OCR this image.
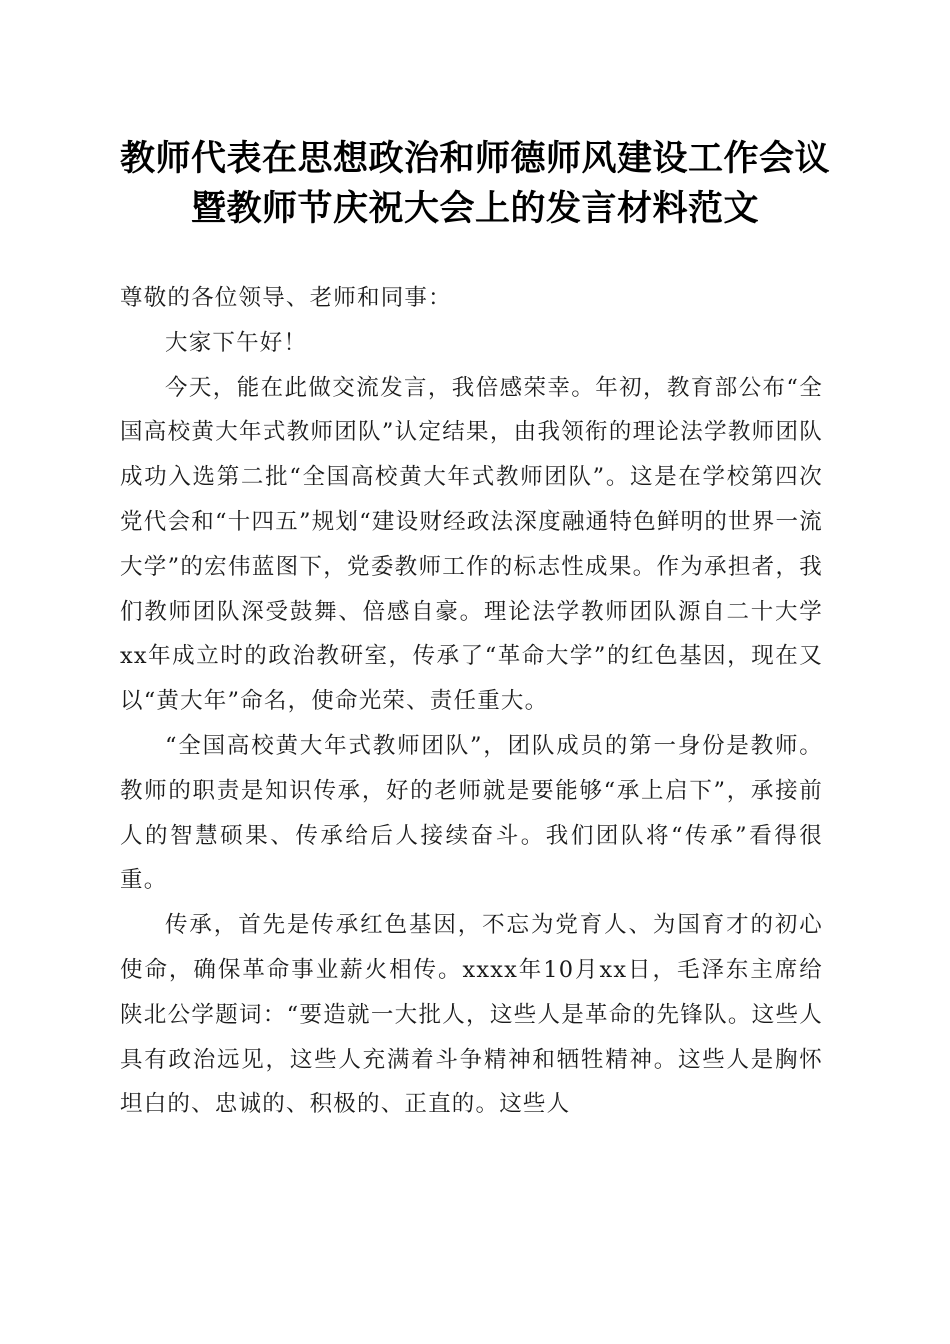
教师代表在思想政治和师德师风建设工作会议
暨教师节庆祝大会上的发言材料范文

尊敬的各位领导、老师和同事：

大家下午好！

今天，能在此做交流发言，我倍感荣幸。年初，教育部公布“全国高校黄大年式教师团队”认定结果，由我领衔的理论法学教师团队成功入选第二批“全国高校黄大年式教师团队”。这是在学校第四次党代会和“十四五”规划“建设财经政法深度融通特色鲜明的世界一流大学”的宏伟蓝图下，党委教师工作的标志性成果。作为承担者，我们教师团队深受鼓舞、倍感自豪。理论法学教师团队源自二十大学xx年成立时的政治教研室，传承了“革命大学”的红色基因，现在又以“黄大年”命名，使命光荣、责任重大。

“全国高校黄大年式教师团队”，团队成员的第一身份是教师。教师的职责是知识传承，好的老师就是要能够“承上启下”，承接前人的智慧硕果、传承给后人接续奋斗。我们团队将“传承”看得很重。

传承，首先是传承红色基因，不忘为党育人、为国育才的初心使命，确保革命事业薪火相传。xxxx年10月xx日，毛泽东主席给陕北公学题词：“要造就一大批人，这些人是革命的先锋队。这些人具有政治远见，这些人充满着斗争精神和牺牲精神。这些人是胸怀坦白的、忠诚的、积极的、正直的。这些人
